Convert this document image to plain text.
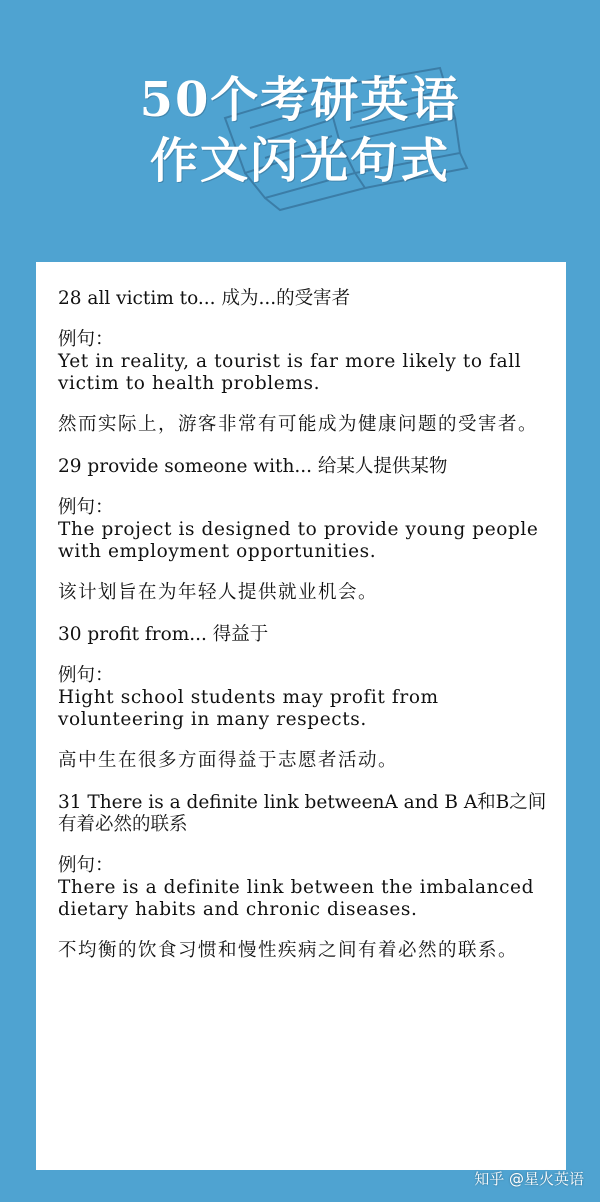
50个考研英语
作文闪光句式

28 all victim to... 成为...的受害者

例句：

Yet in reality, a tourist is far more likely to fall victim to health problems.

然而实际上，游客非常有可能成为健康问题的受害者。

29 provide someone with... 给某人提供某物

例句：

The project is designed to provide young people with employment opportunities.

该计划旨在为年轻人提供就业机会。

30 profit from... 得益于

例句：

Hight school students may profit from volunteering in many respects.

高中生在很多方面得益于志愿者活动。

31 There is a definite link betweenA and B A和B之间有着必然的联系

例句：

There is a definite link between the imbalanced dietary habits and chronic diseases.

不均衡的饮食习惯和慢性疾病之间有着必然的联系。

知乎 @星火英语
